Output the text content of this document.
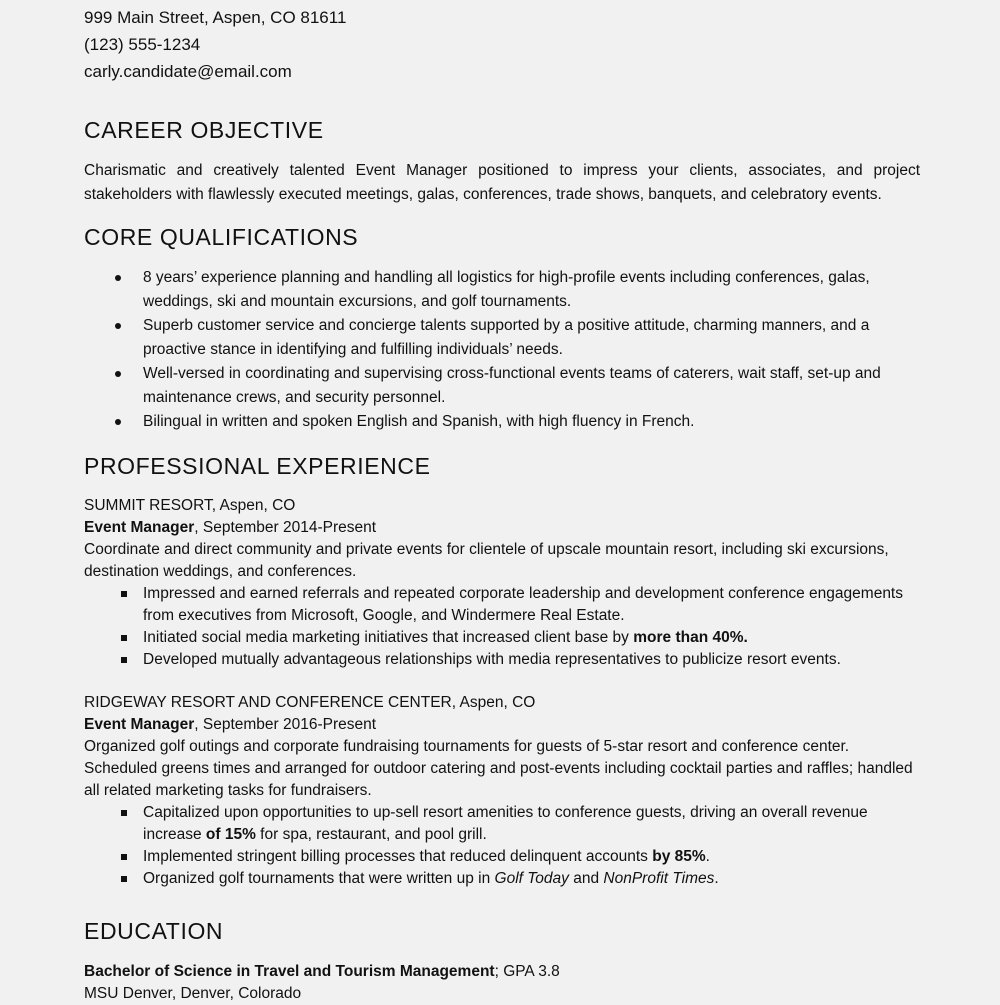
999 Main Street, Aspen, CO 81611
(123) 555-1234
carly.candidate@email.com
CAREER OBJECTIVE

Charismatic and creatively talented Event Manager positioned to impress your clients, associates, and project stakeholders with flawlessly executed meetings, galas, conferences, trade shows, banquets, and celebratory events.

CORE QUALIFICATIONS
8 years’ experience planning and handling all logistics for high-profile events including conferences, galas, weddings, ski and mountain excursions, and golf tournaments.
Superb customer service and concierge talents supported by a positive attitude, charming manners, and a proactive stance in identifying and fulfilling individuals’ needs.
Well-versed in coordinating and supervising cross-functional events teams of caterers, wait staff, set-up and maintenance crews, and security personnel.
Bilingual in written and spoken English and Spanish, with high fluency in French.
PROFESSIONAL EXPERIENCE
SUMMIT RESORT, Aspen, CO
Event Manager, September 2014-Present

Coordinate and direct community and private events for clientele of upscale mountain resort, including ski excursions, destination weddings, and conferences.

Impressed and earned referrals and repeated corporate leadership and development conference engagements from executives from Microsoft, Google, and Windermere Real Estate.
Initiated social media marketing initiatives that increased client base by more than 40%.
Developed mutually advantageous relationships with media representatives to publicize resort events.
RIDGEWAY RESORT AND CONFERENCE CENTER, Aspen, CO
Event Manager, September 2016-Present

Organized golf outings and corporate fundraising tournaments for guests of 5-star resort and conference center. Scheduled greens times and arranged for outdoor catering and post-events including cocktail parties and raffles; handled all related marketing tasks for fundraisers.

Capitalized upon opportunities to up-sell resort amenities to conference guests, driving an overall revenue increase of 15% for spa, restaurant, and pool grill.
Implemented stringent billing processes that reduced delinquent accounts by 85%.
Organized golf tournaments that were written up in Golf Today and NonProfit Times.
EDUCATION
Bachelor of Science in Travel and Tourism Management; GPA 3.8
MSU Denver, Denver, Colorado
